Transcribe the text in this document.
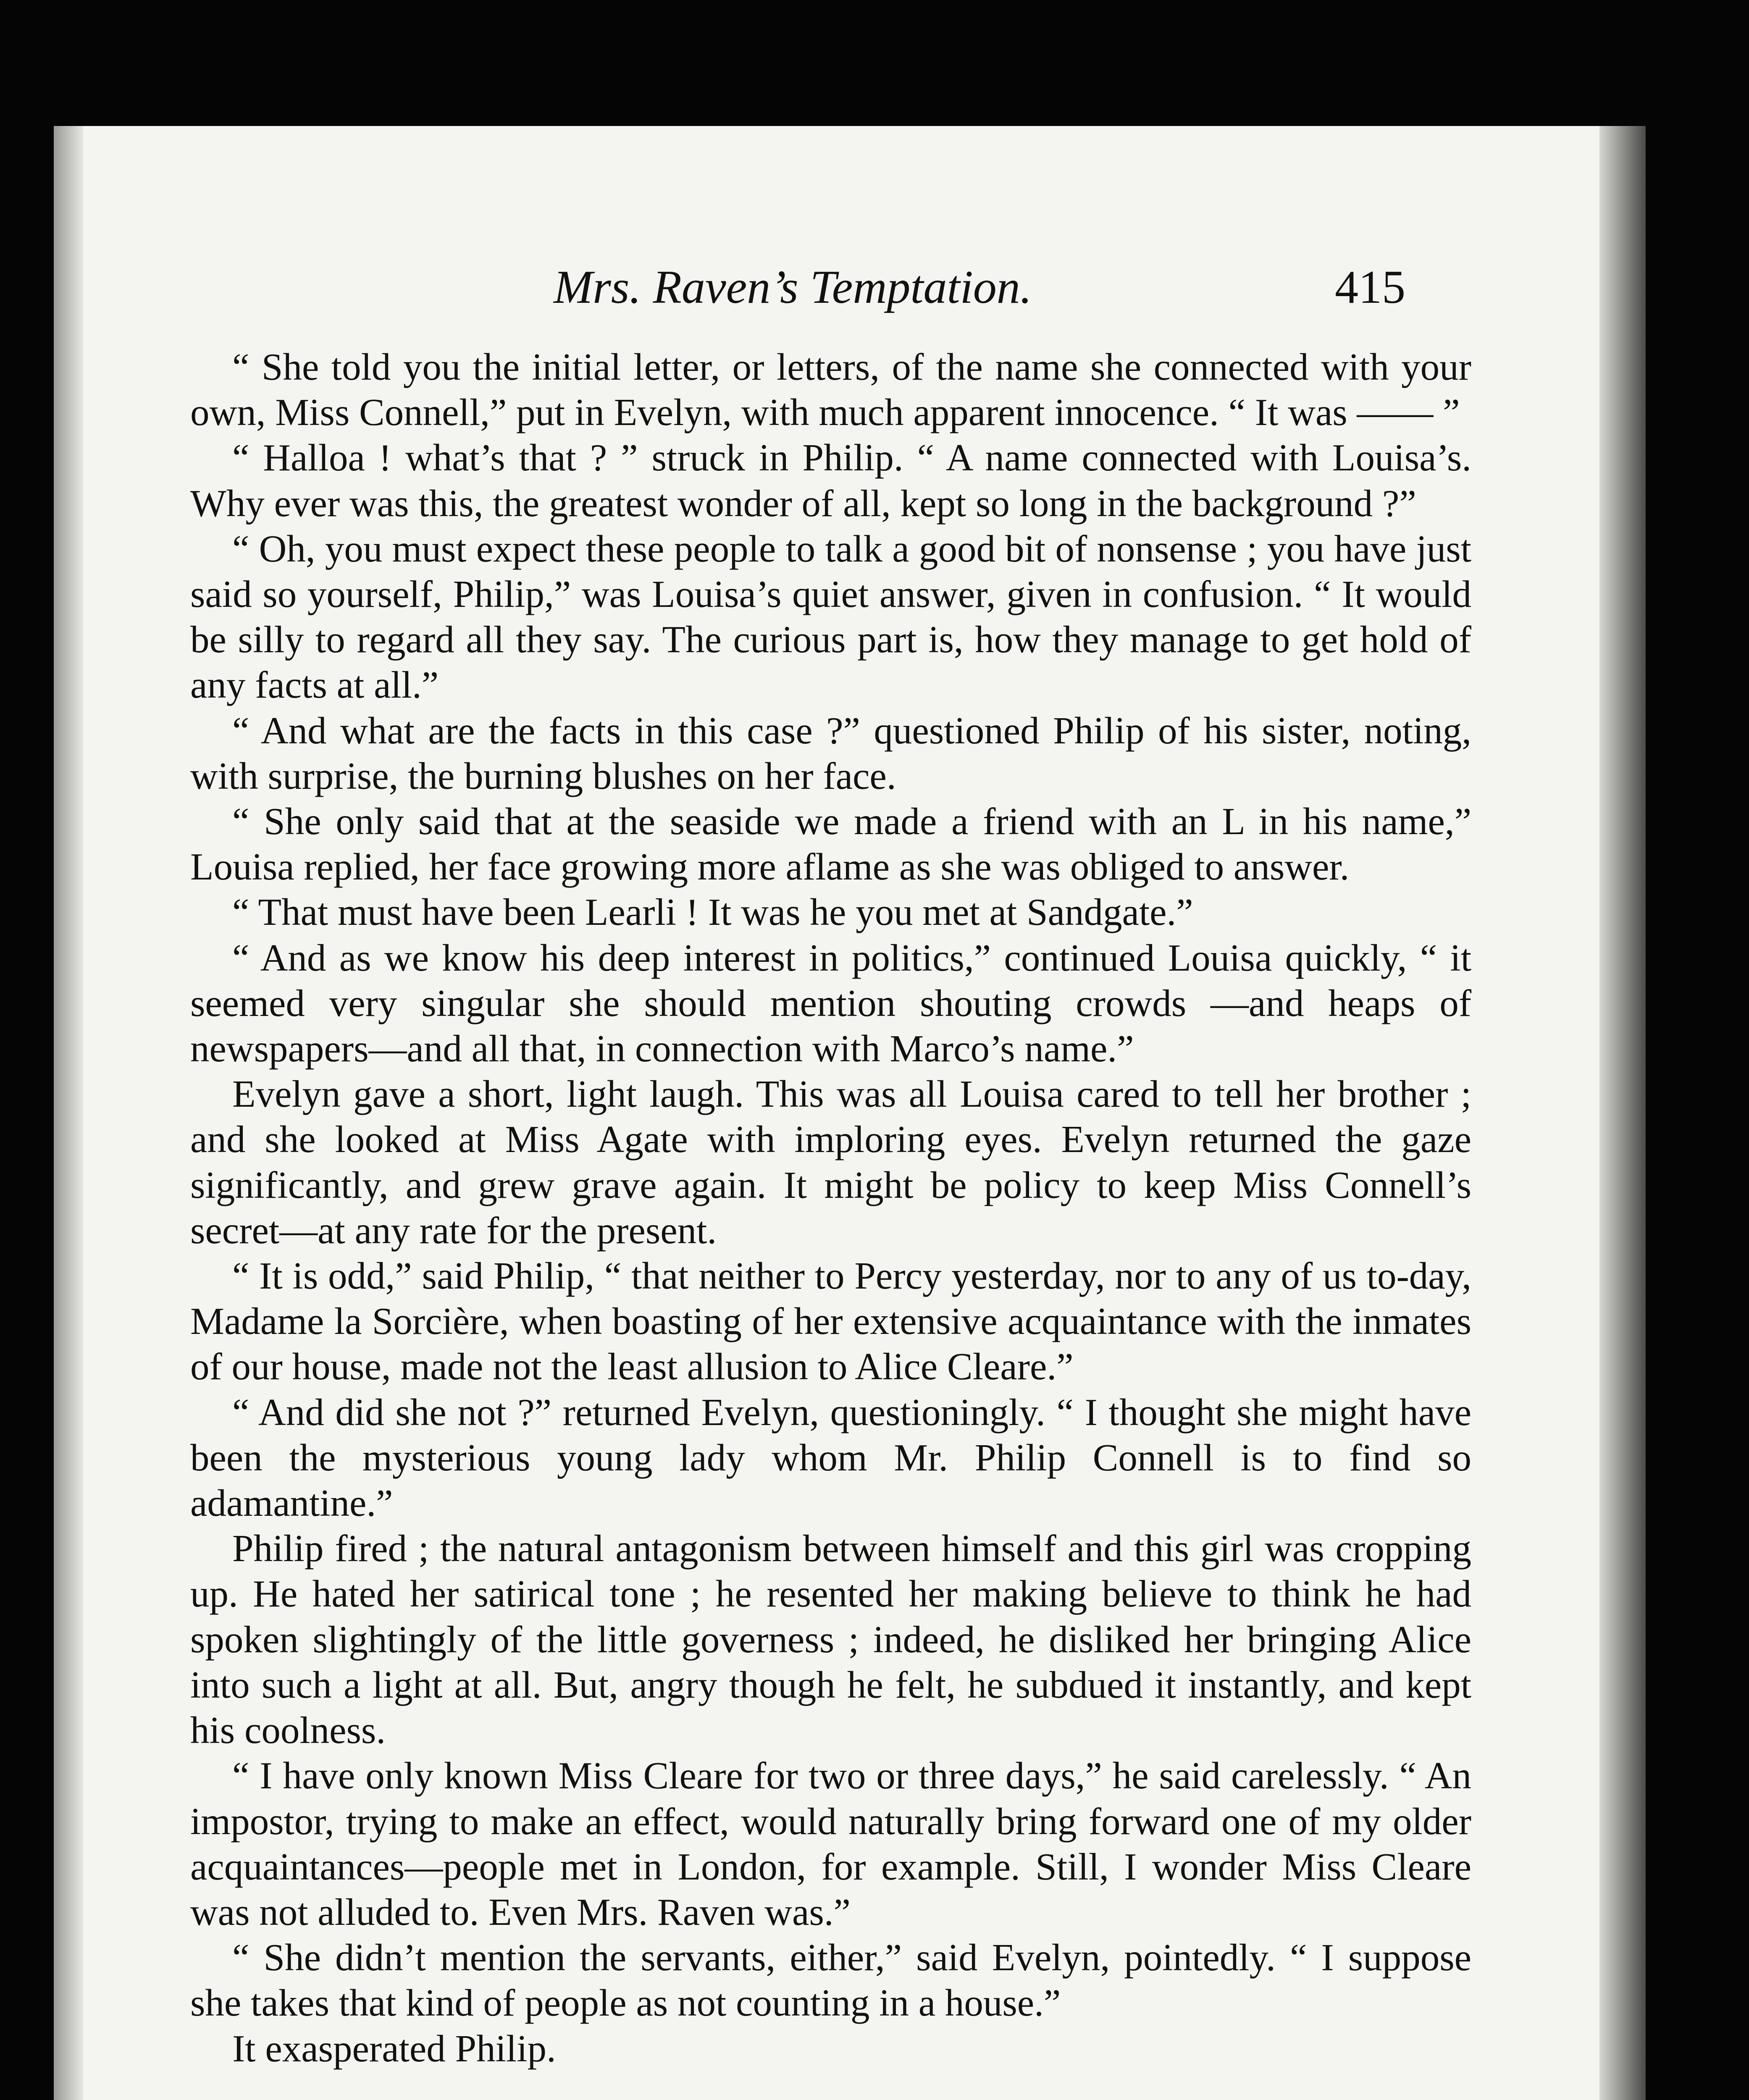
Mrs. Raven’s Temptation.	415

“ She told you the initial letter, or letters, of the name she connected with your own, Miss Connell,” put in Evelyn, with much apparent innocence. “ It was —— ”

“ Halloa ! what’s that ? ” struck in Philip. “ A name connected with Louisa’s. Why ever was this, the greatest wonder of all, kept so long in the background ?”

“ Oh, you must expect these people to talk a good bit of nonsense ; you have just said so yourself, Philip,” was Louisa’s quiet answer, given in confusion. “ It would be silly to regard all they say. The curious part is, how they manage to get hold of any facts at all.”

“ And what are the facts in this case ?” questioned Philip of his sister, noting, with surprise, the burning blushes on her face.

“ She only said that at the seaside we made a friend with an L in his name,” Louisa replied, her face growing more aflame as she was obliged to answer.

“ That must have been Learli ! It was he you met at Sandgate.”

“ And as we know his deep interest in politics,” continued Louisa quickly, “ it seemed very singular she should mention shouting crowds —and heaps of newspapers—and all that, in connection with Marco’s name.”

Evelyn gave a short, light laugh. This was all Louisa cared to tell her brother ; and she looked at Miss Agate with imploring eyes. Evelyn returned the gaze significantly, and grew grave again. It might be policy to keep Miss Connell’s secret—at any rate for the present.

“ It is odd,” said Philip, “ that neither to Percy yesterday, nor to any of us to-day, Madame la Sorcière, when boasting of her extensive acquaintance with the inmates of our house, made not the least allusion to Alice Cleare.”

“ And did she not ?” returned Evelyn, questioningly. “ I thought she might have been the mysterious young lady whom Mr. Philip Connell is to find so adamantine.”

Philip fired ; the natural antagonism between himself and this girl was cropping up. He hated her satirical tone ; he resented her making believe to think he had spoken slightingly of the little governess ; indeed, he disliked her bringing Alice into such a light at all. But, angry though he felt, he subdued it instantly, and kept his coolness.

“ I have only known Miss Cleare for two or three days,” he said carelessly. “ An impostor, trying to make an effect, would naturally bring forward one of my older acquaintances—people met in London, for example. Still, I wonder Miss Cleare was not alluded to. Even Mrs. Raven was.”

“ She didn’t mention the servants, either,” said Evelyn, pointedly. “ I suppose she takes that kind of people as not counting in a house.”

It exasperated Philip.
